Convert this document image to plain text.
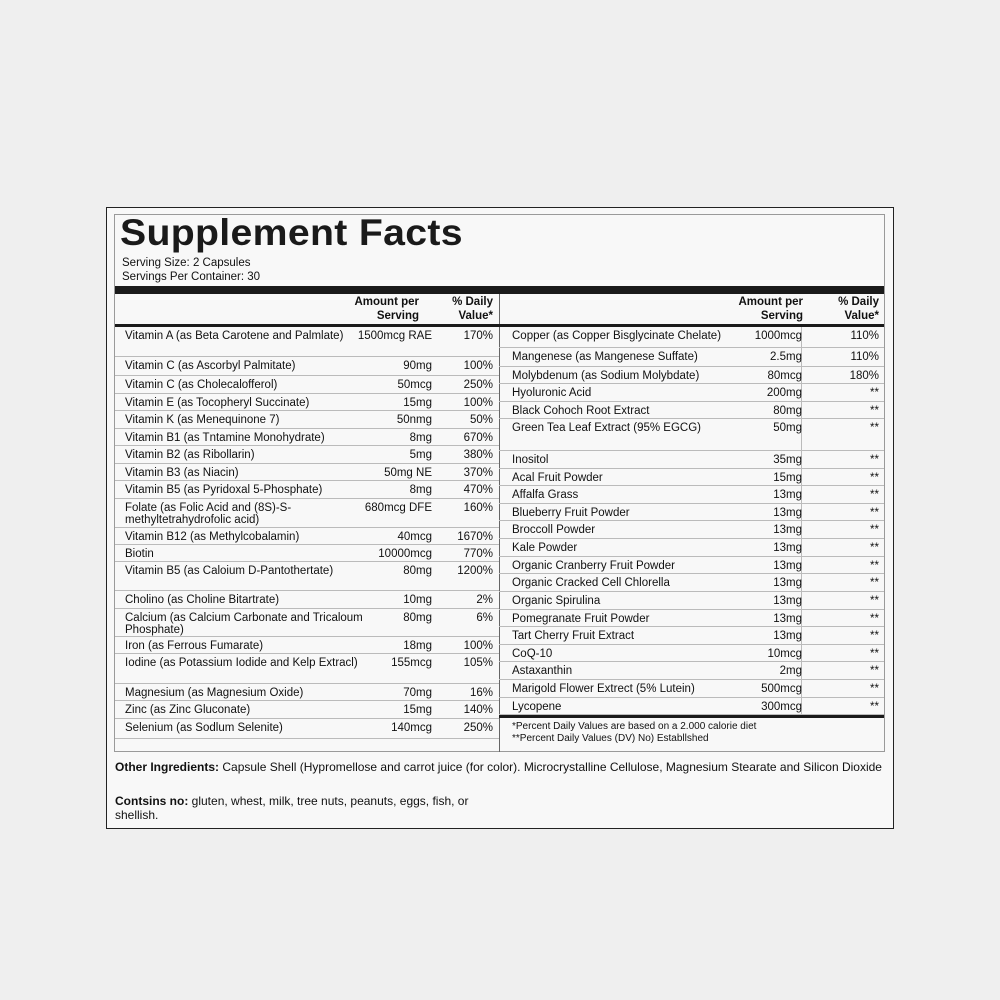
Supplement Facts
Serving Size: 2 Capsules
Servings Per Container: 30
Amount per
Serving
% Daily
Value*
Vitamin A (as Beta Carotene and Palmlate)	1500mcg RAE	170%
Vitamin C (as Ascorbyl Palmitate)	90mg	100%
Vitamin C (as Cholecalofferol)	50mcg	250%
Vitamin E (as Tocopheryl Succinate)	15mg	100%
Vitamin K (as Menequinone 7)	50nmg	50%
Vitamin B1 (as Tntamine Monohydrate)	8mg	670%
Vitamin B2 (as Ribollarin)	5mg	380%
Vitamin B3 (as Niacin)	50mg NE	370%
Vitamin B5 (as Pyridoxal 5-Phosphate)	8mg	470%
Folate (as Folic Acid and (8S)-S-methyltetrahydrofolic acid)
680mcg DFE	160%
Vitamin B12 (as Methylcobalamin)	40mcg 1670%
Biotin	10000mcg	770%
Vitamin B5 (as Caloium D-Pantothertate)	80mg 1200%
Cholino (as Choline Bitartrate)	10mg	2%
Calcium (as Calcium Carbonate and Tricaloum Phosphate)
80mg	6%
Iron (as Ferrous Fumarate)	18mg	100%
Iodine (as Potassium Iodide and Kelp Extracl)	155mcg	105%
Magnesium (as Magnesium Oxide)	70mg	16%
Zinc (as Zinc Gluconate)	15mg	140%
Selenium (as Sodlum Selenite)	140mcg	250%
Amount per
Serving
% Daily
Value*
Copper (as Copper Bisglycinate Chelate)	1000mcg	110%
Mangenese (as Mangenese Suffate)	2.5mg	110%
Molybdenum (as Sodium Molybdate)	80mcg	180%
Hyoluronic Acid	200mg	**
Black Cohoch Root Extract	80mg	**
Green Tea Leaf Extract (95% EGCG)	50mg	**
Inositol	35mg	**
Acal Fruit Powder	15mg	**
Affalfa Grass	13mg	**
Blueberry Fruit Powder	13mg	**
Broccoll Powder	13mg	**
Kale Powder	13mg	**
Organic Cranberry Fruit Powder	13mg	**
Organic Cracked Cell Chlorella	13mg	**
Organic Spirulina	13mg	**
Pomegranate Fruit Powder	13mg	**
Tart Cherry Fruit Extract	13mg	**
CoQ-10	10mcg	**
Astaxanthin	2mg	**
Marigold Flower Extrect (5% Lutein)	500mcg	**
Lycopene	300mcg	**
*Percent Daily Values are based on a 2.000 calorie diet
**Percent Daily Values (DV) No) Establlshed
Other Ingredients: Capsule Shell (Hypromellose and carrot juice (for color). Microcrystalline Cellulose, Magnesium Stearate and Silicon Dioxide
Contsins no: gluten, whest, milk, tree nuts, peanuts, eggs, fish, or shellish.
